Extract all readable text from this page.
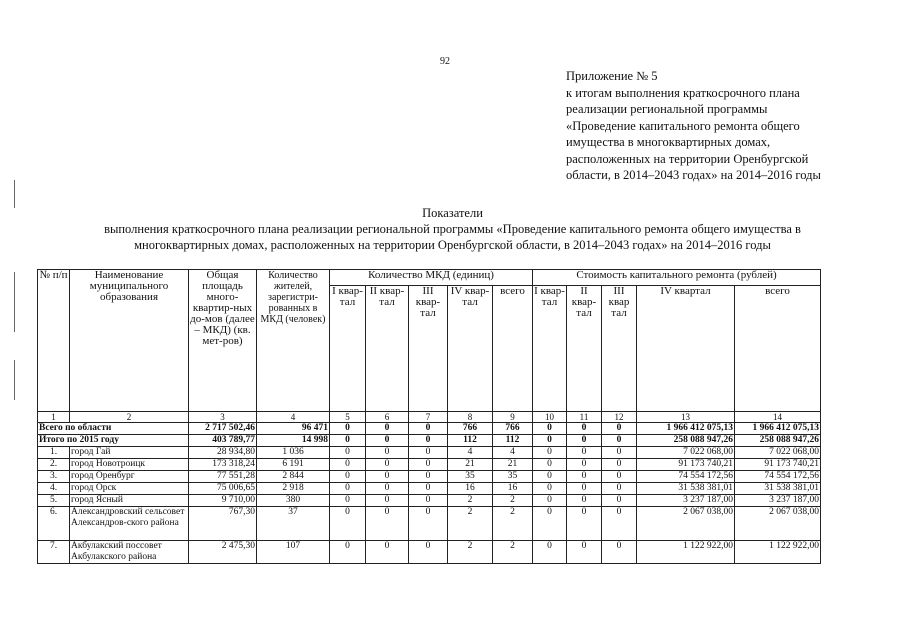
92
Приложение № 5
к итогам выполнения краткосрочного плана
реализации региональной программы
«Проведение капитального ремонта общего
имущества в многоквартирных домах,
расположенных на территории Оренбургской
области, в 2014–2043 годах» на 2014–2016 годы
Показатели
выполнения краткосрочного плана реализации региональной программы «Проведение капитального ремонта общего имущества в
многоквартирных домах, расположенных на территории Оренбургской области, в 2014–2043 годах» на 2014–2016 годы
№ п/п	Наименование муниципального образования	Общая площадь много-квартир-ных до-мов (далее – МКД) (кв. мет-ров)	Количество жителей, зарегистри-рованных в МКД (человек)	Количество МКД (единиц)					Стоимость капитального ремонта (рублей)				
				I квар-тал	II квар-тал	III квар-тал	IV квар-тал	всего	I квар-тал	II квар-тал	III квар тал	IV квартал	всего
1	2	3	4	5	6	7	8	9	10	11	12	13	14
Всего по области		2 717 502,46	96 471	0	0	0	766	766	0	0	0	1 966 412 075,13	1 966 412 075,13
Итого по 2015 году		403 789,77	14 998	0	0	0	112	112	0	0	0	258 088 947,26	258 088 947,26
1.	город Гай	28 934,80	1 036	0	0	0	4	4	0	0	0	7 022 068,00	7 022 068,00
2.	город Новотроицк	173 318,24	6 191	0	0	0	21	21	0	0	0	91 173 740,21	91 173 740,21
3.	город Оренбург	77 551,28	2 844	0	0	0	35	35	0	0	0	74 554 172,56	74 554 172,56
4.	город Орск	75 006,65	2 918	0	0	0	16	16	0	0	0	31 538 381,01	31 538 381,01
5.	город Ясный	9 710,00	380	0	0	0	2	2	0	0	0	3 237 187,00	3 237 187,00
6.	Александровский сельсовет Александров-ского района	767,30	37	0	0	0	2	2	0	0	0	2 067 038,00	2 067 038,00
7.	Акбулакский поссовет Акбулакского района	2 475,30	107	0	0	0	2	2	0	0	0	1 122 922,00	1 122 922,00
